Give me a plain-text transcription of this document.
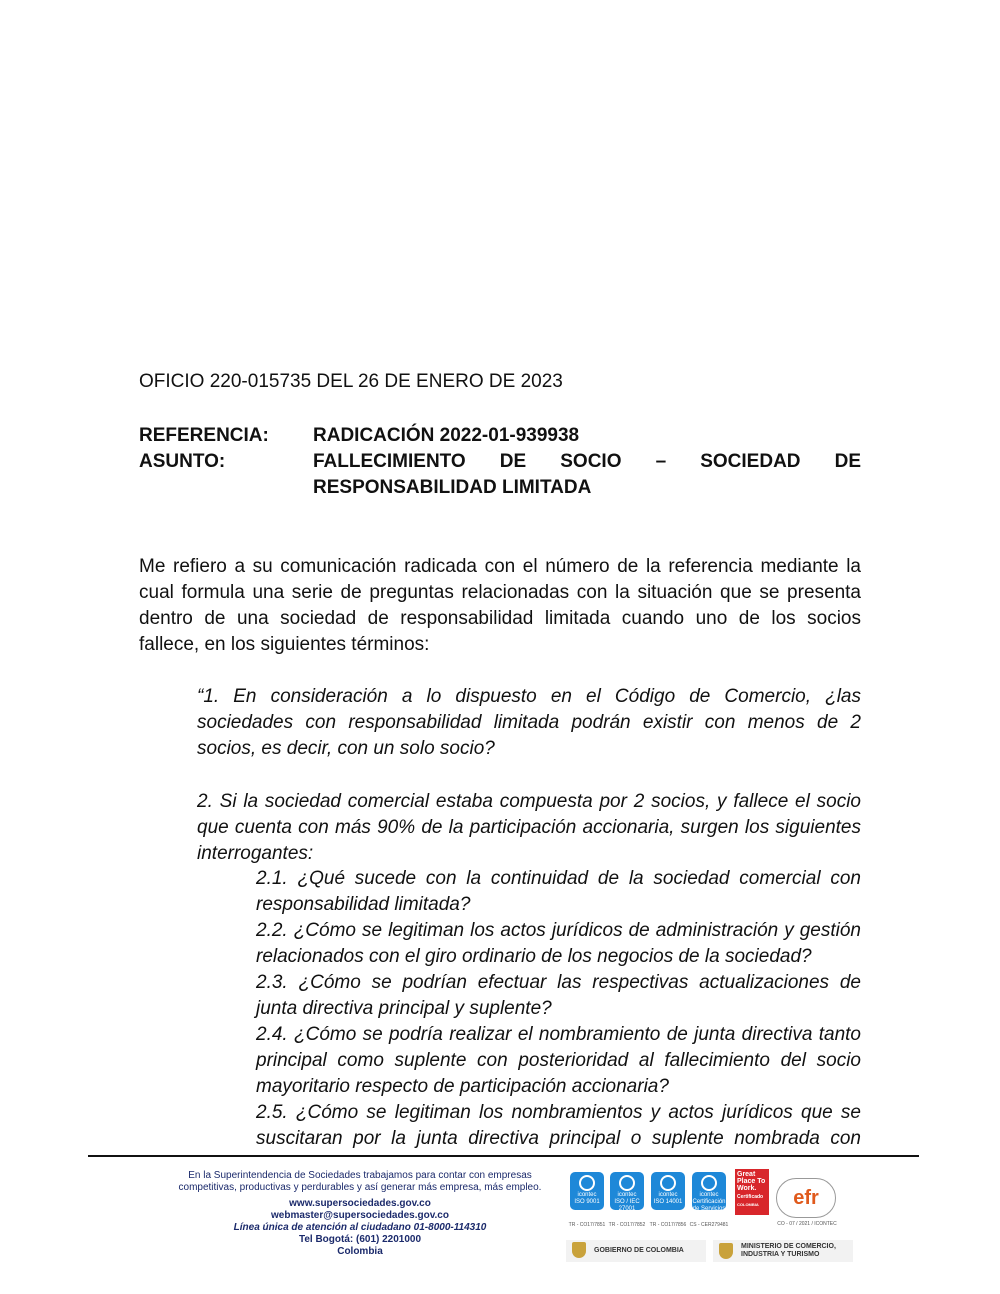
OFICIO 220-015735 DEL 26 DE ENERO DE 2023
REFERENCIA: RADICACIÓN 2022-01-939938
ASUNTO:	FALLECIMIENTO DE SOCIO – SOCIEDAD DE
RESPONSABILIDAD LIMITADA
Me refiero a su comunicación radicada con el número de la referencia mediante la
cual formula una serie de preguntas relacionadas con la situación que se presenta
dentro de una sociedad de responsabilidad limitada cuando uno de los socios
fallece, en los siguientes términos:
“1. En consideración a lo dispuesto en el Código de Comercio, ¿las
sociedades con responsabilidad limitada podrán existir con menos de 2
socios, es decir, con un solo socio?
2. Si la sociedad comercial estaba compuesta por 2 socios, y fallece el socio
que cuenta con más 90% de la participación accionaria, surgen los siguientes
interrogantes:
2.1. ¿Qué sucede con la continuidad de la sociedad comercial con
responsabilidad limitada?
2.2. ¿Cómo se legitiman los actos jurídicos de administración y gestión
relacionados con el giro ordinario de los negocios de la sociedad?
2.3. ¿Cómo se podrían efectuar las respectivas actualizaciones de
junta directiva principal y suplente?
2.4. ¿Cómo se podría realizar el nombramiento de junta directiva tanto
principal como suplente con posterioridad al fallecimiento del socio
mayoritario respecto de participación accionaria?
2.5. ¿Cómo se legitiman los nombramientos y actos jurídicos que se
suscitaran por la junta directiva principal o suplente nombrada con
En la Superintendencia de Sociedades trabajamos para contar con empresas
competitivas, productivas y perdurables y así generar más empresa, más empleo.
www.supersociedades.gov.co
webmaster@supersociedades.gov.co
Línea única de atención al ciudadano 01-8000-114310
Tel Bogotá: (601) 2201000
Colombia
icontec
ISO 9001
TR - CO17/7851
icontec
ISO / IEC 27001
TR - CO17/7852
icontec
ISO 14001
TR - CO17/7856
icontec
Certificación de Servicios
CS - CER279481
Great Place To Work.
Certificado
COLOMBIA	efr
CO - 07 / 2021 / ICONTEC
GOBIERNO DE COLOMBIA
MINISTERIO DE COMERCIO,
INDUSTRIA Y TURISMO
